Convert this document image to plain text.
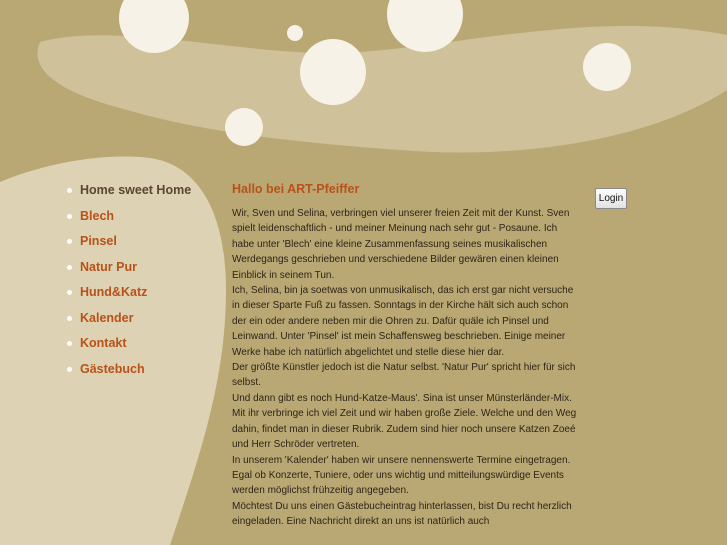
Home sweet Home
Blech
Pinsel
Natur Pur
Hund&Katz
Kalender
Kontakt
Gästebuch
Hallo bei ART-Pfeiffer

Wir, Sven und Selina, verbringen viel unserer freien Zeit mit der Kunst. Sven spielt leidenschaftlich - und meiner Meinung nach sehr gut - Posaune. Ich habe unter 'Blech' eine kleine Zusammenfassung seines musikalischen Werdegangs geschrieben und verschiedene Bilder gewären einen kleinen Einblick in seinem Tun.

Ich, Selina, bin ja soetwas von unmusikalisch, das ich erst gar nicht versuche in dieser Sparte Fuß zu fassen. Sonntags in der Kirche hält sich auch schon der ein oder andere neben mir die Ohren zu. Dafür quäle ich Pinsel und Leinwand. Unter 'Pinsel' ist mein Schaffensweg beschrieben. Einige meiner Werke habe ich natürlich abgelichtet und stelle diese hier dar.

Der größte Künstler jedoch ist die Natur selbst. 'Natur Pur' spricht hier für sich selbst.

Und dann gibt es noch Hund-Katze-Maus'. Sina ist unser Münsterländer-Mix. Mit ihr verbringe ich viel Zeit und wir haben große Ziele. Welche und den Weg dahin, findet man in dieser Rubrik. Zudem sind hier noch unsere Katzen Zoeé und Herr Schröder vertreten.

In unserem 'Kalender' haben wir unsere nennenswerte Termine eingetragen. Egal ob Konzerte, Tuniere, oder uns wichtig und mitteilungswürdige Events werden möglichst frühzeitig angegeben.

Möchtest Du uns einen Gästebucheintrag hinterlassen, bist Du recht herzlich eingeladen. Eine Nachricht direkt an uns ist natürlich auch

Login
